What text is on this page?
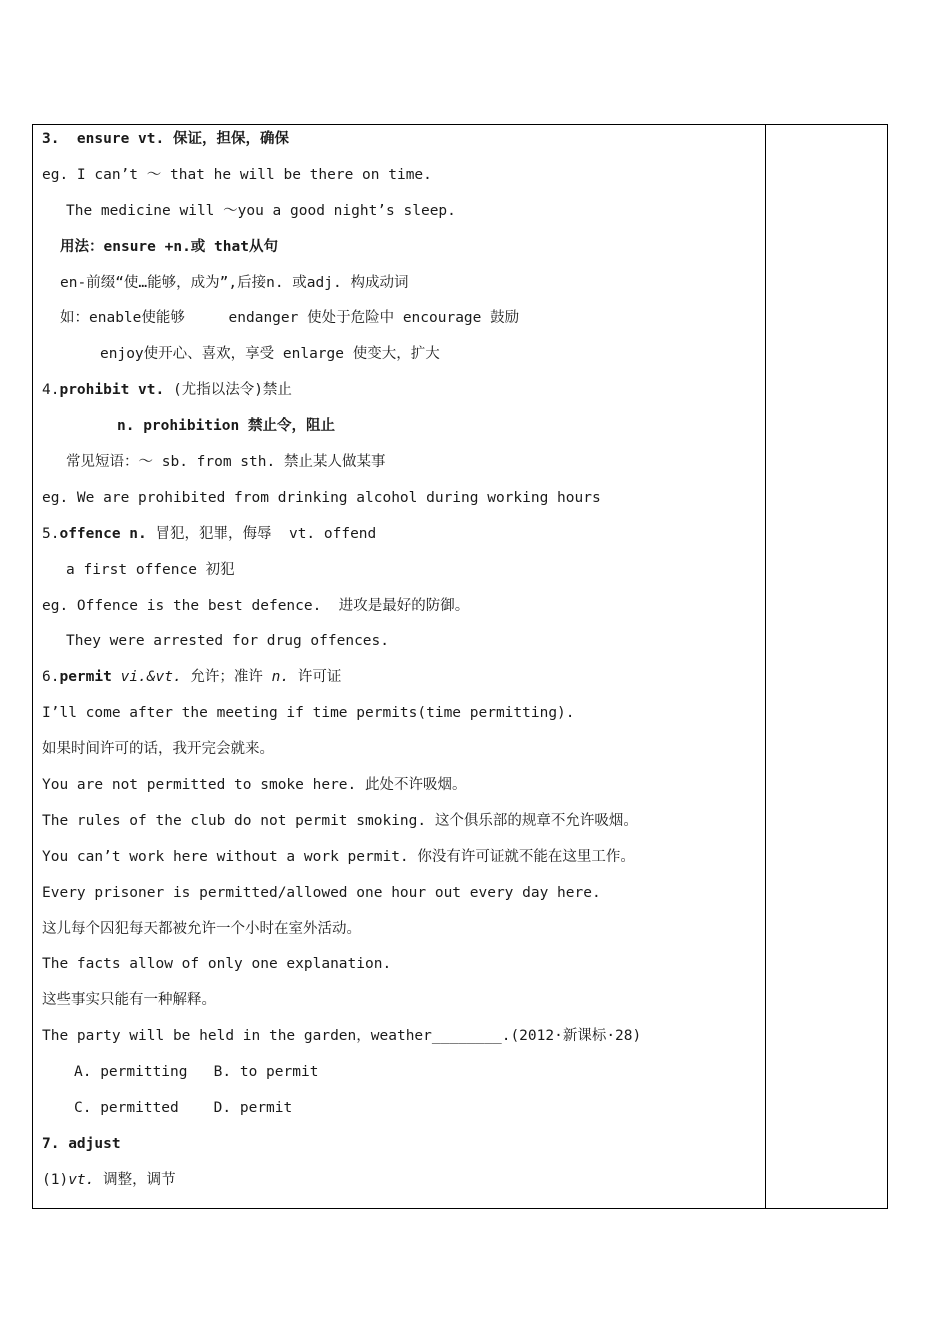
3.  ensure vt. 保证，担保，确保
eg. I can’t ～ that he will be there on time.
The medicine will ～you a good night’s sleep.
用法：ensure +n.或 that从句
en-前缀“使…能够，成为”,后接n. 或adj. 构成动词
如：enable使能够     endanger 使处于危险中 encourage 鼓励
enjoy使开心、喜欢，享受 enlarge 使变大，扩大
4.prohibit vt. (尤指以法令)禁止
n. prohibition 禁止令，阻止
常见短语：～ sb. from sth. 禁止某人做某事
eg. We are prohibited from drinking alcohol during working hours
5.offence n. 冒犯，犯罪，侮辱  vt. offend
a first offence 初犯
eg. Offence is the best defence.  进攻是最好的防御。
They were arrested for drug offences.
6.permit vi.&vt. 允许；准许 n. 许可证
I’ll come after the meeting if time permits(time permitting).
如果时间许可的话，我开完会就来。
You are not permitted to smoke here. 此处不许吸烟。
The rules of the club do not permit smoking. 这个俱乐部的规章不允许吸烟。
You can’t work here without a work permit. 你没有许可证就不能在这里工作。
Every prisoner is permitted/allowed one hour out every day here.
这儿每个囚犯每天都被允许一个小时在室外活动。
The facts allow of only one explanation.
这些事实只能有一种解释。
The party will be held in the garden，weather________.(2012·新课标·28)
A. permitting   B. to permit
C. permitted    D. permit
7. adjust
(1)vt. 调整，调节
